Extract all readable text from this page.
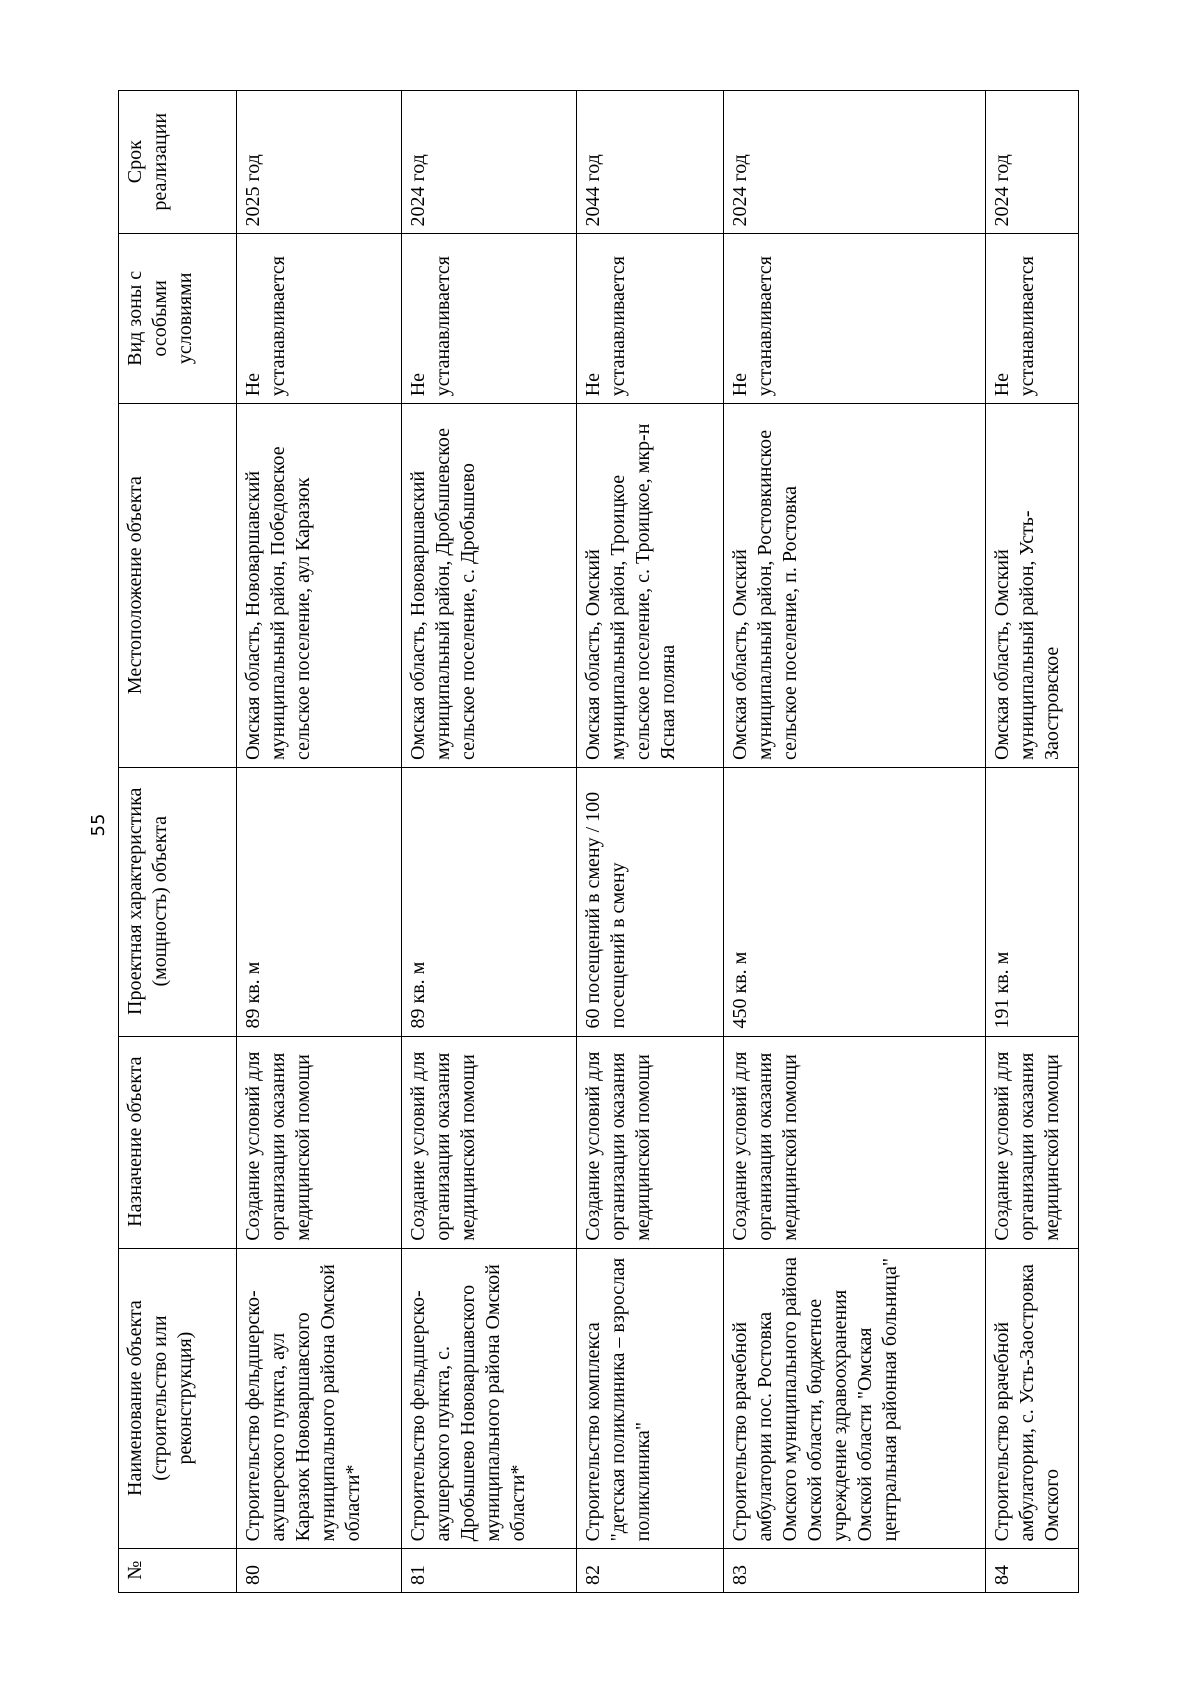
55
№	Наименование объекта (строительство или реконструкция)	Назначение объекта	Проектная характеристика (мощность) объекта	Местоположение объекта	Вид зоны с особыми условиями	Срок реализации
80	Строительство фельдшерско-акушерского пункта, аул Каразюк Нововаршавского муниципального района Омской области*	Создание условий для организации оказания медицинской помощи	89 кв. м	Омская область, Нововаршавский муниципальный район, Победовское сельское поселение, аул Каразюк	Не устанавливается	2025 год
81	Строительство фельдшерско-акушерского пункта, с. Дробышево Нововаршавского муниципального района Омской области*	Создание условий для организации оказания медицинской помощи	89 кв. м	Омская область, Нововаршавский муниципальный район, Дробышевское сельское поселение, с. Дробышево	Не устанавливается	2024 год
82	Строительство комплекса "детская поликлиника – взрослая поликлиника"	Создание условий для организации оказания медицинской помощи	60 посещений в смену / 100 посещений в смену	Омская область, Омский муниципальный район, Троицкое сельское поселение, с. Троицкое, мкр-н Ясная поляна	Не устанавливается	2044 год
83	Строительство врачебной амбулатории пос. Ростовка Омского муниципального района Омской области, бюджетное учреждение здравоохранения Омской области "Омская центральная районная больница"	Создание условий для организации оказания медицинской помощи	450 кв. м	Омская область, Омский муниципальный район, Ростовкинское сельское поселение, п. Ростовка	Не устанавливается	2024 год
84	Строительство врачебной амбулатории, с. Усть-Заостровка Омского	Создание условий для организации оказания медицинской помощи	191 кв. м	Омская область, Омский муниципальный район, Усть-Заостровское	Не устанавливается	2024 год
